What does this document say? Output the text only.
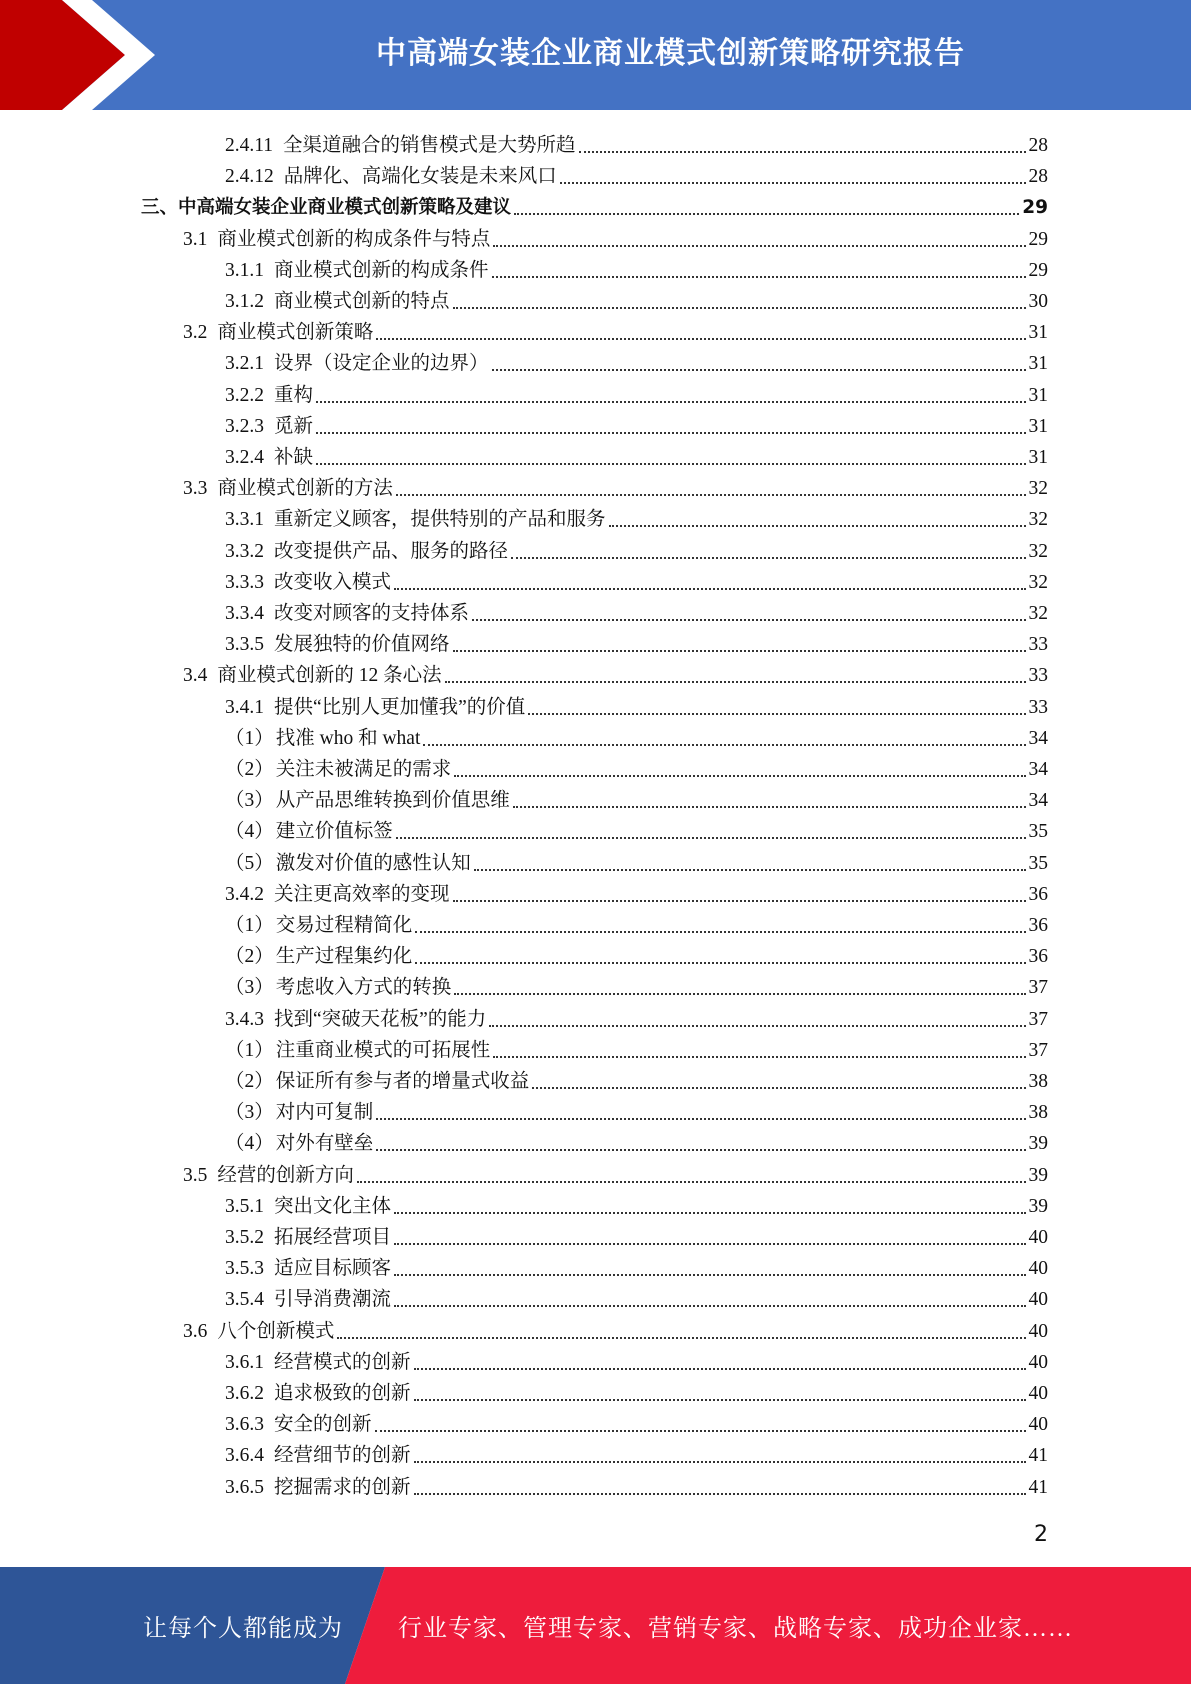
中高端女装企业商业模式创新策略研究报告
2.4.11 全渠道融合的销售模式是大势所趋	28
2.4.12 品牌化、高端化女装是未来风口	28
三、中高端女装企业商业模式创新策略及建议	29
3.1 商业模式创新的构成条件与特点	29
3.1.1 商业模式创新的构成条件	29
3.1.2 商业模式创新的特点	30
3.2 商业模式创新策略	31
3.2.1 设界（设定企业的边界）	31
3.2.2 重构	31
3.2.3 觅新	31
3.2.4 补缺	31
3.3 商业模式创新的方法	32
3.3.1 重新定义顾客，提供特别的产品和服务	32
3.3.2 改变提供产品、服务的路径	32
3.3.3 改变收入模式	32
3.3.4 改变对顾客的支持体系	32
3.3.5 发展独特的价值网络	33
3.4 商业模式创新的 12 条心法	33
3.4.1 提供“比别人更加懂我”的价值	33
（1） 找准 who 和 what	34
（2） 关注未被满足的需求	34
（3） 从产品思维转换到价值思维	34
（4） 建立价值标签	35
（5） 激发对价值的感性认知	35
3.4.2 关注更高效率的变现	36
（1） 交易过程精简化	36
（2） 生产过程集约化	36
（3） 考虑收入方式的转换	37
3.4.3 找到“突破天花板”的能力	37
（1） 注重商业模式的可拓展性	37
（2） 保证所有参与者的增量式收益	38
（3） 对内可复制	38
（4） 对外有壁垒	39
3.5 经营的创新方向	39
3.5.1 突出文化主体	39
3.5.2 拓展经营项目	40
3.5.3 适应目标顾客	40
3.5.4 引导消费潮流	40
3.6 八个创新模式	40
3.6.1 经营模式的创新	40
3.6.2 追求极致的创新	40
3.6.3 安全的创新	40
3.6.4 经营细节的创新	41
3.6.5 挖掘需求的创新	41
2
让每个人都能成为 行业专家、管理专家、营销专家、战略专家、成功企业家……
